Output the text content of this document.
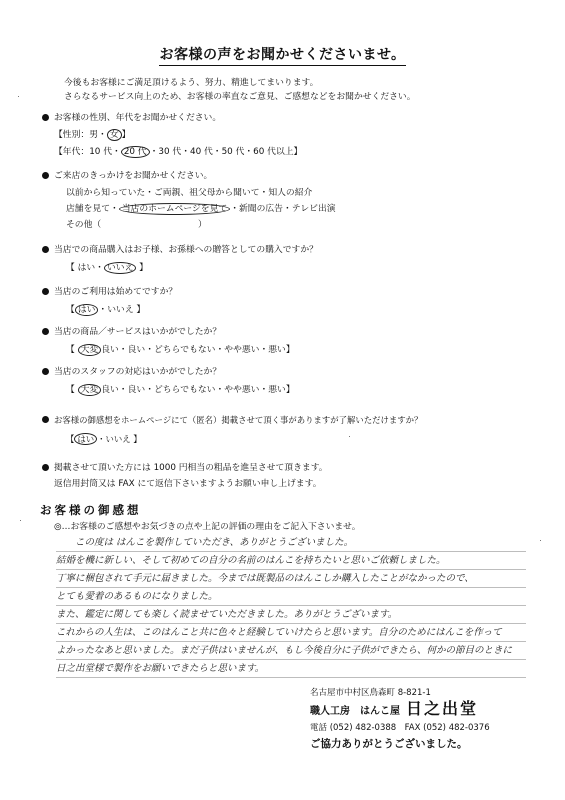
お客様の声をお聞かせくださいませ。
今後もお客様にご満足頂けるよう、努力、精進してまいります。
さらなるサービス向上のため、お客様の率直なご意見、ご感想などをお聞かせください。
お客様の性別、年代をお聞かせください。
【性別：男・ 女 】
【年代：10 代・ 20 代 ・30 代・40 代・50 代・60 代以上】
ご来店のきっかけをお聞かせください。
以前から知っていた・ご両親、祖父母から聞いて・知人の紹介
店舗を見て・ 当店のホームページを見て ・新聞の広告・テレビ出演
その他（　　　　　　　　　　　）
当店での商品購入はお子様、お孫様への贈答としての購入ですか？
【 はい・ いいえ 】
当店のご利用は始めてですか？
【 はい ・いいえ 】
当店の商品／サービスはいかがでしたか？
【 大変 良い・良い・どちらでもない・やや悪い・悪い】
当店のスタッフの対応はいかがでしたか？
【 大変 良い・良い・どちらでもない・やや悪い・悪い】
お客様の御感想をホームページにて（匿名）掲載させて頂く事がありますが了解いただけますか？
【 はい ・いいえ 】
掲載させて頂いた方には 1000 円相当の粗品を進呈させて頂きます。
返信用封筒又は FAX にて返信下さいますようお願い申し上げます。
お客様の御感想
◎…お客様のご感想やお気づきの点や上記の評価の理由をご記入下さいませ。
　　この度は はんこを製作していただき、ありがとうございました。
結婚を機に新しい、そして初めての自分の名前のはんこを持ちたいと思いご依頼しました。
丁寧に梱包されて手元に届きました。今までは既製品のはんこしか購入したことがなかったので、
とても愛着のあるものになりました。
また、鑑定に関しても楽しく読ませていただきました。ありがとうございます。
これからの人生は、このはんこと共に色々と経験していけたらと思います。自分のためにはんこを作って
よかったなあと思いました。まだ子供はいませんが、もし今後自分に子供ができたら、何かの節目のときに
日之出堂様で製作をお願いできたらと思います。
名古屋市中村区鳥森町 8-821-1
職人工房　はんこ屋 日之出堂
電話 (052) 482-0388　FAX (052) 482-0376
ご協力ありがとうございました。
